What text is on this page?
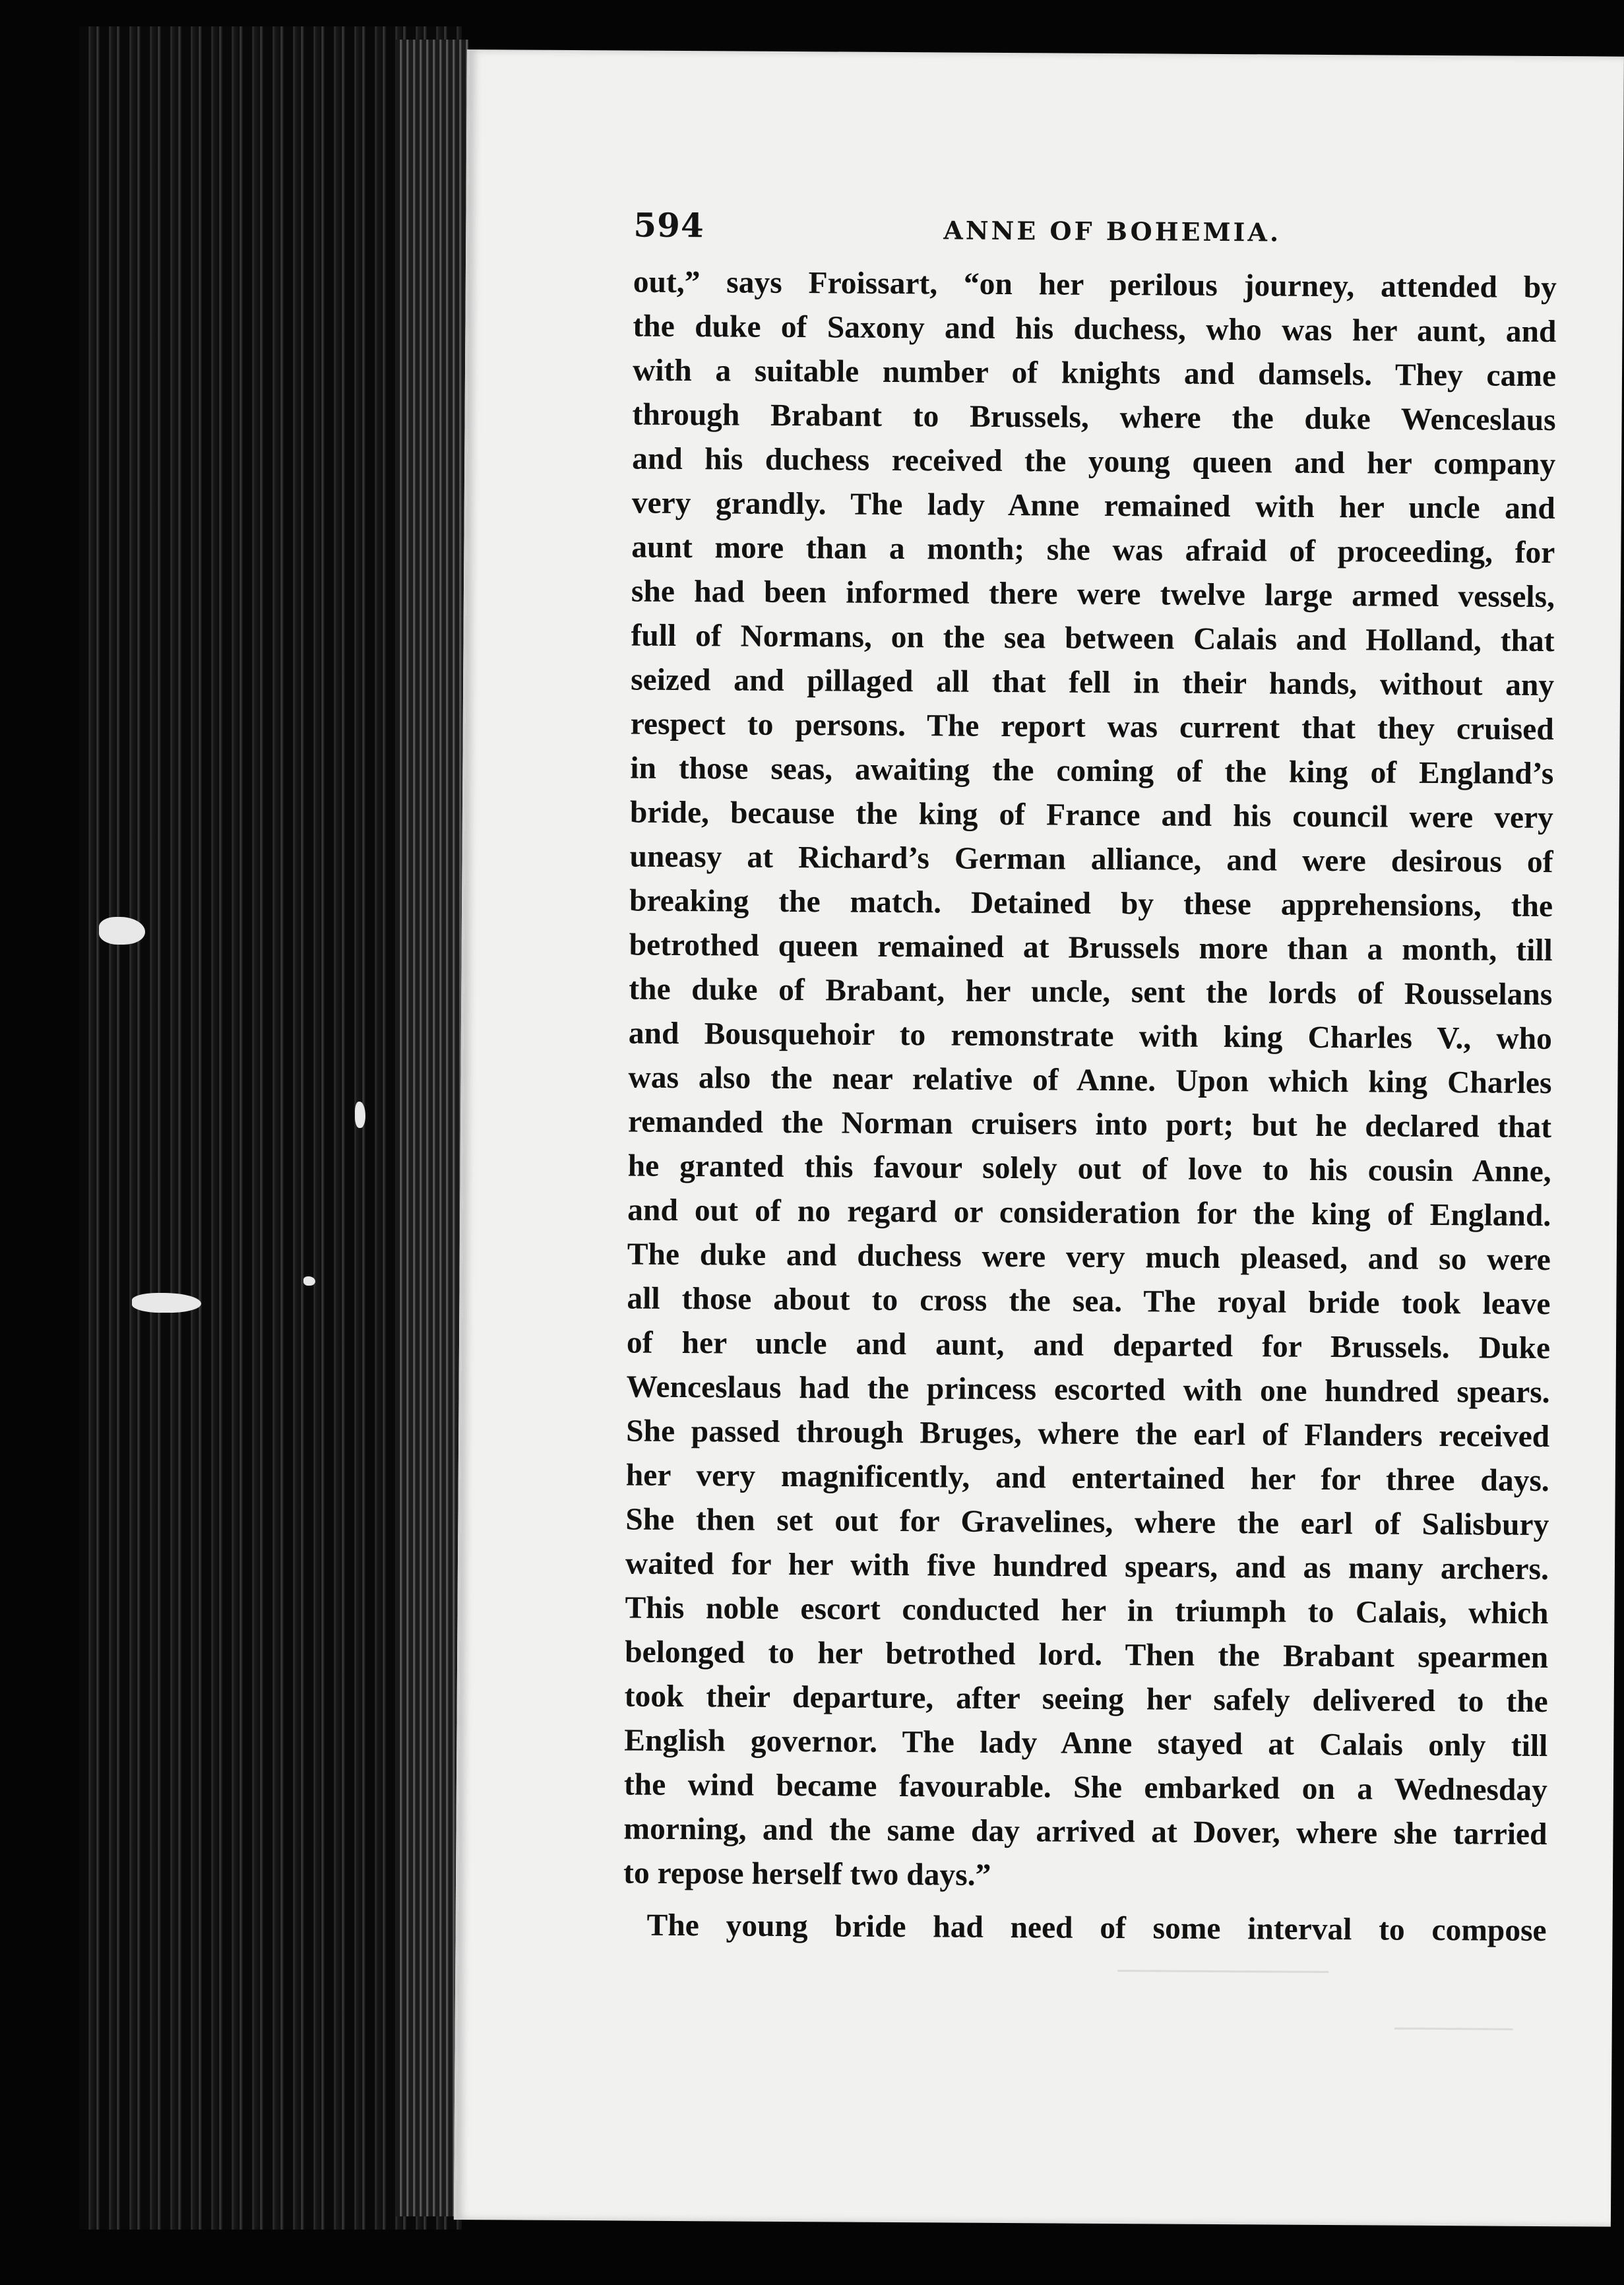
594	ANNE OF BOHEMIA.
out,” says Froissart, “on her perilous journey, attended by
the duke of Saxony and his duchess, who was her aunt, and
with a suitable number of knights and damsels. They came
through Brabant to Brussels, where the duke Wenceslaus
and his duchess received the young queen and her company
very grandly. The lady Anne remained with her uncle and
aunt more than a month; she was afraid of proceeding, for
she had been informed there were twelve large armed vessels,
full of Normans, on the sea between Calais and Holland, that
seized and pillaged all that fell in their hands, without any
respect to persons. The report was current that they cruised
in those seas, awaiting the coming of the king of England’s
bride, because the king of France and his council were very
uneasy at Richard’s German alliance, and were desirous of
breaking the match. Detained by these apprehensions, the
betrothed queen remained at Brussels more than a month, till
the duke of Brabant, her uncle, sent the lords of Rousselans
and Bousquehoir to remonstrate with king Charles V., who
was also the near relative of Anne. Upon which king Charles
remanded the Norman cruisers into port; but he declared that
he granted this favour solely out of love to his cousin Anne,
and out of no regard or consideration for the king of England.
The duke and duchess were very much pleased, and so were
all those about to cross the sea. The royal bride took leave
of her uncle and aunt, and departed for Brussels. Duke
Wenceslaus had the princess escorted with one hundred spears.
She passed through Bruges, where the earl of Flanders received
her very magnificently, and entertained her for three days.
She then set out for Gravelines, where the earl of Salisbury
waited for her with five hundred spears, and as many archers.
This noble escort conducted her in triumph to Calais, which
belonged to her betrothed lord. Then the Brabant spearmen
took their departure, after seeing her safely delivered to the
English governor. The lady Anne stayed at Calais only till
the wind became favourable. She embarked on a Wednesday
morning, and the same day arrived at Dover, where she tarried
to repose herself two days.”
The young bride had need of some interval to compose
